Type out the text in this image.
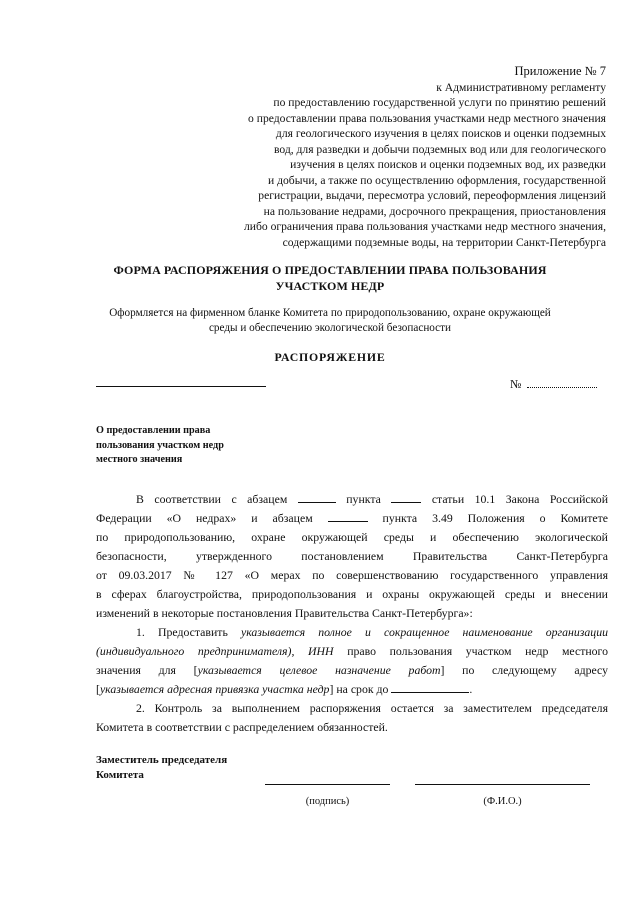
Приложение № 7
к Административному регламенту
по предоставлению государственной услуги по принятию решений
о предоставлении права пользования участками недр местного значения
для геологического изучения в целях поисков и оценки подземных
вод, для разведки и добычи подземных вод или для геологического
изучения в целях поисков и оценки подземных вод, их разведки
и добычи, а также по осуществлению оформления, государственной
регистрации, выдачи, пересмотра условий, переоформления лицензий
на пользование недрами, досрочного прекращения, приостановления
либо ограничения права пользования участками недр местного значения,
содержащими подземные воды, на территории Санкт-Петербурга
ФОРМА РАСПОРЯЖЕНИЯ О ПРЕДОСТАВЛЕНИИ ПРАВА ПОЛЬЗОВАНИЯ
УЧАСТКОМ НЕДР
Оформляется на фирменном бланке Комитета по природопользованию, охране окружающей
среды и обеспечению экологической безопасности
РАСПОРЯЖЕНИЕ
№
О предоставлении права
пользования участком недр
местного значения

В соответствии с абзацем	пункта	статьи 10.1 Закона Российской
Федерации «О недрах» и абзацем	пункта 3.49 Положения о Комитете
по природопользованию, охране окружающей среды и обеспечению экологической
безопасности, утвержденного постановлением Правительства Санкт-Петербурга
от 09.03.2017 № 127 «О мерах по совершенствованию государственного управления
в сферах благоустройства, природопользования и охраны окружающей среды и внесении
изменений в некоторые постановления Правительства Санкт-Петербурга»:

1. Предоставить указывается полное и сокращенное наименование организации
(индивидуального предпринимателя), ИНН право пользования участком недр местного
значения для [указывается целевое назначение работ] по следующему адресу
[указывается адресная привязка участка недр] на срок до	.

2. Контроль за выполнением распоряжения остается за заместителем председателя
Комитета в соответствии с распределением обязанностей.

Заместитель председателя
Комитета
(подпись)	(Ф.И.О.)
